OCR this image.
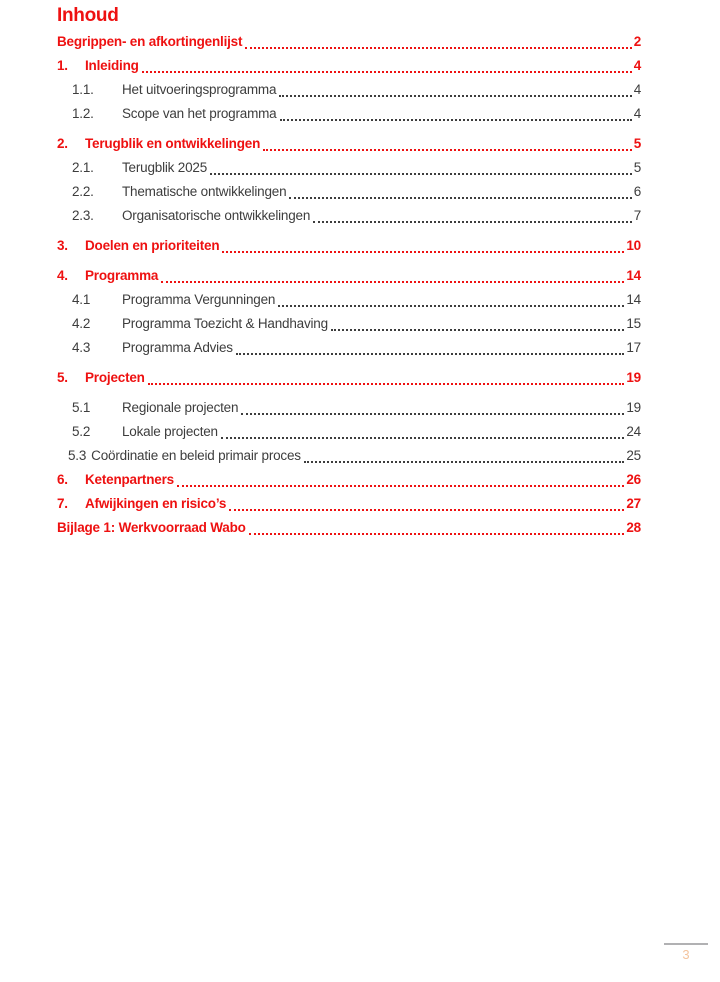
Inhoud
Begrippen- en afkortingenlijst	2
1.	Inleiding	4
1.1.	Het uitvoeringsprogramma	4
1.2.	Scope van het programma	4
2.	Terugblik en ontwikkelingen	5
2.1.	Terugblik 2025	5
2.2.	Thematische ontwikkelingen	6
2.3.	Organisatorische ontwikkelingen	7
3.	Doelen en prioriteiten	10
4.	Programma	14
4.1	Programma Vergunningen	14
4.2	Programma Toezicht & Handhaving	15
4.3	Programma Advies	17
5.	Projecten	19
5.1	Regionale projecten	19
5.2	Lokale projecten	24
5.3 Coördinatie en beleid primair proces	25
6.	Ketenpartners	26
7.	Afwijkingen en risico’s	27
Bijlage 1: Werkvoorraad Wabo	28
3
